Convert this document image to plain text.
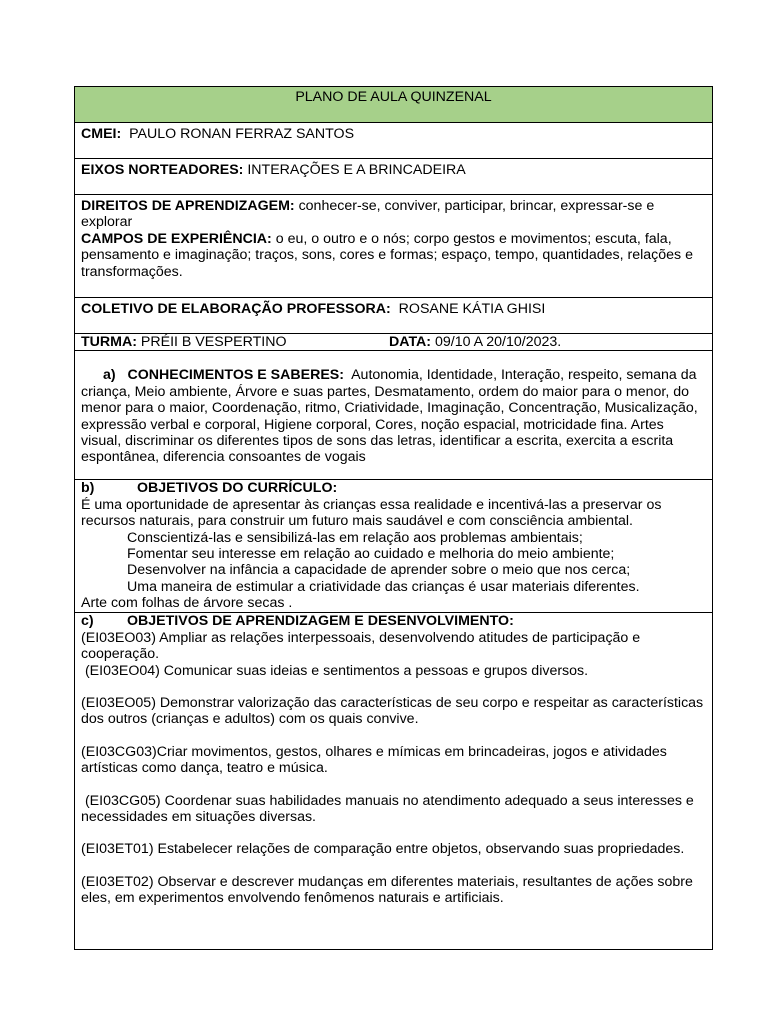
PLANO DE AULA QUINZENAL
CMEI: PAULO RONAN FERRAZ SANTOS
EIXOS NORTEADORES: INTERAÇÕES E A BRINCADEIRA

DIREITOS DE APRENDIZAGEM: conhecer-se, conviver, participar, brincar, expressar-se e explorar
CAMPOS DE EXPERIÊNCIA: o eu, o outro e o nós; corpo gestos e movimentos; escuta, fala, pensamento e imaginação; traços, sons, cores e formas; espaço, tempo, quantidades, relações e transformações.

COLETIVO DE ELABORAÇÃO PROFESSORA: ROSANE KÁTIA GHISI

TURMA: PRÉII B VESPERTINO	DATA: 09/10 A 20/10/2023.

a) CONHECIMENTOS E SABERES: Autonomia, Identidade, Interação, respeito, semana da criança, Meio ambiente, Árvore e suas partes, Desmatamento, ordem do maior para o menor, do menor para o maior, Coordenação, ritmo, Criatividade, Imaginação, Concentração, Musicalização, expressão verbal e corporal, Higiene corporal, Cores, noção espacial, motricidade fina. Artes visual, discriminar os diferentes tipos de sons das letras, identificar a escrita, exercita a escrita espontânea, diferencia consoantes de vogais

b)	OBJETIVOS DO CURRÍCULO:
É uma oportunidade de apresentar às crianças essa realidade e incentivá-las a preservar os recursos naturais, para construir um futuro mais saudável e com consciência ambiental.
Conscientizá-las e sensibilizá-las em relação aos problemas ambientais;
Fomentar seu interesse em relação ao cuidado e melhoria do meio ambiente;
Desenvolver na infância a capacidade de aprender sobre o meio que nos cerca;
Uma maneira de estimular a criatividade das crianças é usar materiais diferentes.
Arte com folhas de árvore secas .

c) OBJETIVOS DE APRENDIZAGEM E DESENVOLVIMENTO:
(EI03EO03) Ampliar as relações interpessoais, desenvolvendo atitudes de participação e cooperação.
(EI03EO04) Comunicar suas ideias e sentimentos a pessoas e grupos diversos.
(EI03EO05) Demonstrar valorização das características de seu corpo e respeitar as características dos outros (crianças e adultos) com os quais convive.
(EI03CG03)Criar movimentos, gestos, olhares e mímicas em brincadeiras, jogos e atividades artísticas como dança, teatro e música.
(EI03CG05) Coordenar suas habilidades manuais no atendimento adequado a seus interesses e necessidades em situações diversas.
(EI03ET01) Estabelecer relações de comparação entre objetos, observando suas propriedades.
(EI03ET02) Observar e descrever mudanças em diferentes materiais, resultantes de ações sobre eles, em experimentos envolvendo fenômenos naturais e artificiais.
